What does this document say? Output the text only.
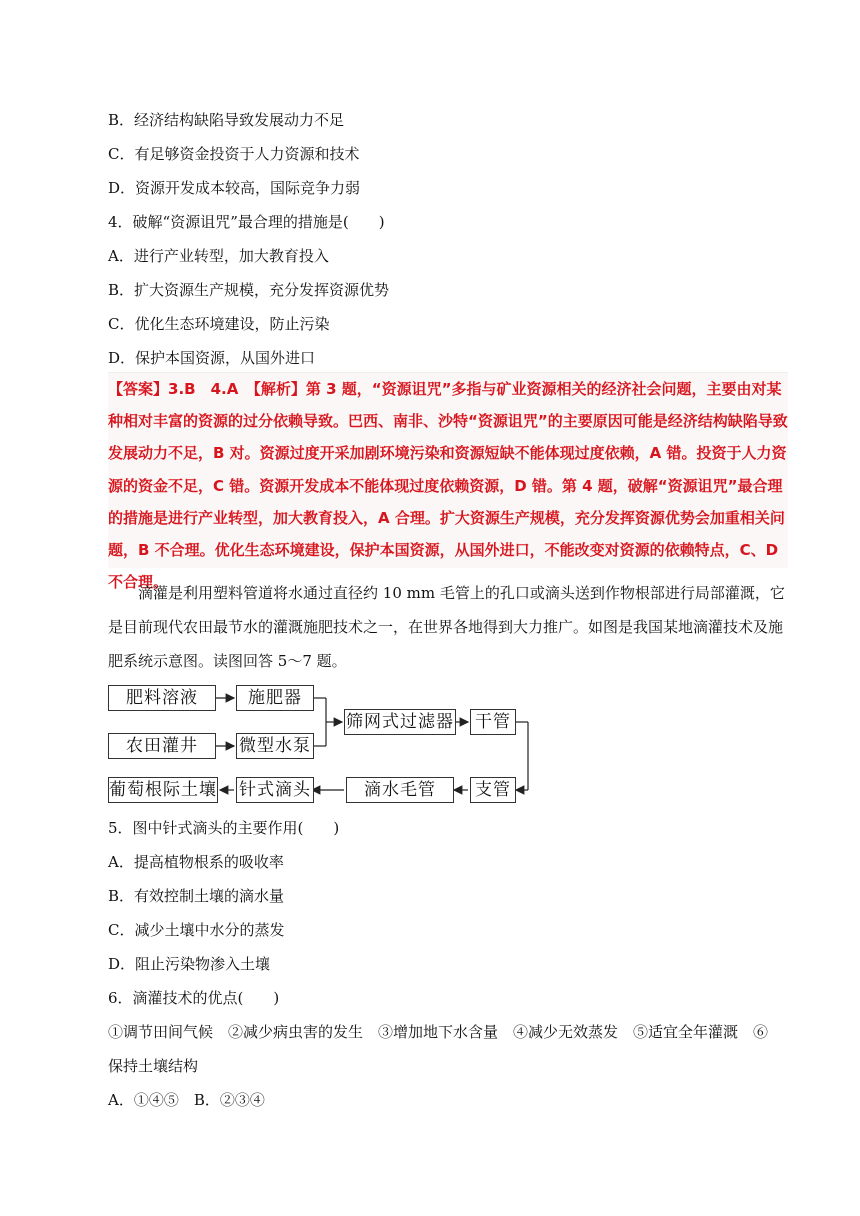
B．经济结构缺陷导致发展动力不足
C．有足够资金投资于人力资源和技术
D．资源开发成本较高，国际竞争力弱
4．破解“资源诅咒”最合理的措施是(　　)
A．进行产业转型，加大教育投入
B．扩大资源生产规模，充分发挥资源优势
C．优化生态环境建设，防止污染
D．保护本国资源，从国外进口
【答案】3.B　4.A　【解析】第 3 题，“资源诅咒”多指与矿业资源相关的经济社会问题，主要由对某种相对丰富的资源的过分依赖导致。巴西、南非、沙特“资源诅咒”的主要原因可能是经济结构缺陷导致发展动力不足，B 对。资源过度开采加剧环境污染和资源短缺不能体现过度依赖，A 错。投资于人力资源的资金不足，C 错。资源开发成本不能体现过度依赖资源，D 错。第 4 题，破解“资源诅咒”最合理的措施是进行产业转型，加大教育投入，A 合理。扩大资源生产规模，充分发挥资源优势会加重相关问题，B 不合理。优化生态环境建设，保护本国资源，从国外进口，不能改变对资源的依赖特点，C、D 不合理。
滴灌是利用塑料管道将水通过直径约 10 mm 毛管上的孔口或滴头送到作物根部进行局部灌溉，它是目前现代农田最节水的灌溉施肥技术之一，在世界各地得到大力推广。如图是我国某地滴灌技术及施肥系统示意图。读图回答 5～7 题。
肥料溶液	施肥器
农田灌井	微型水泵
筛网式过滤器 干管
支管
滴水毛管
针式滴头
葡萄根际土壤
5．图中针式滴头的主要作用(　　)
A．提高植物根系的吸收率
B．有效控制土壤的滴水量
C．减少土壤中水分的蒸发
D．阻止污染物渗入土壤
6．滴灌技术的优点(　　)
①调节田间气候　②减少病虫害的发生　③增加地下水含量　④减少无效蒸发　⑤适宜全年灌溉　⑥
保持土壤结构
A．①④⑤　B．②③④
